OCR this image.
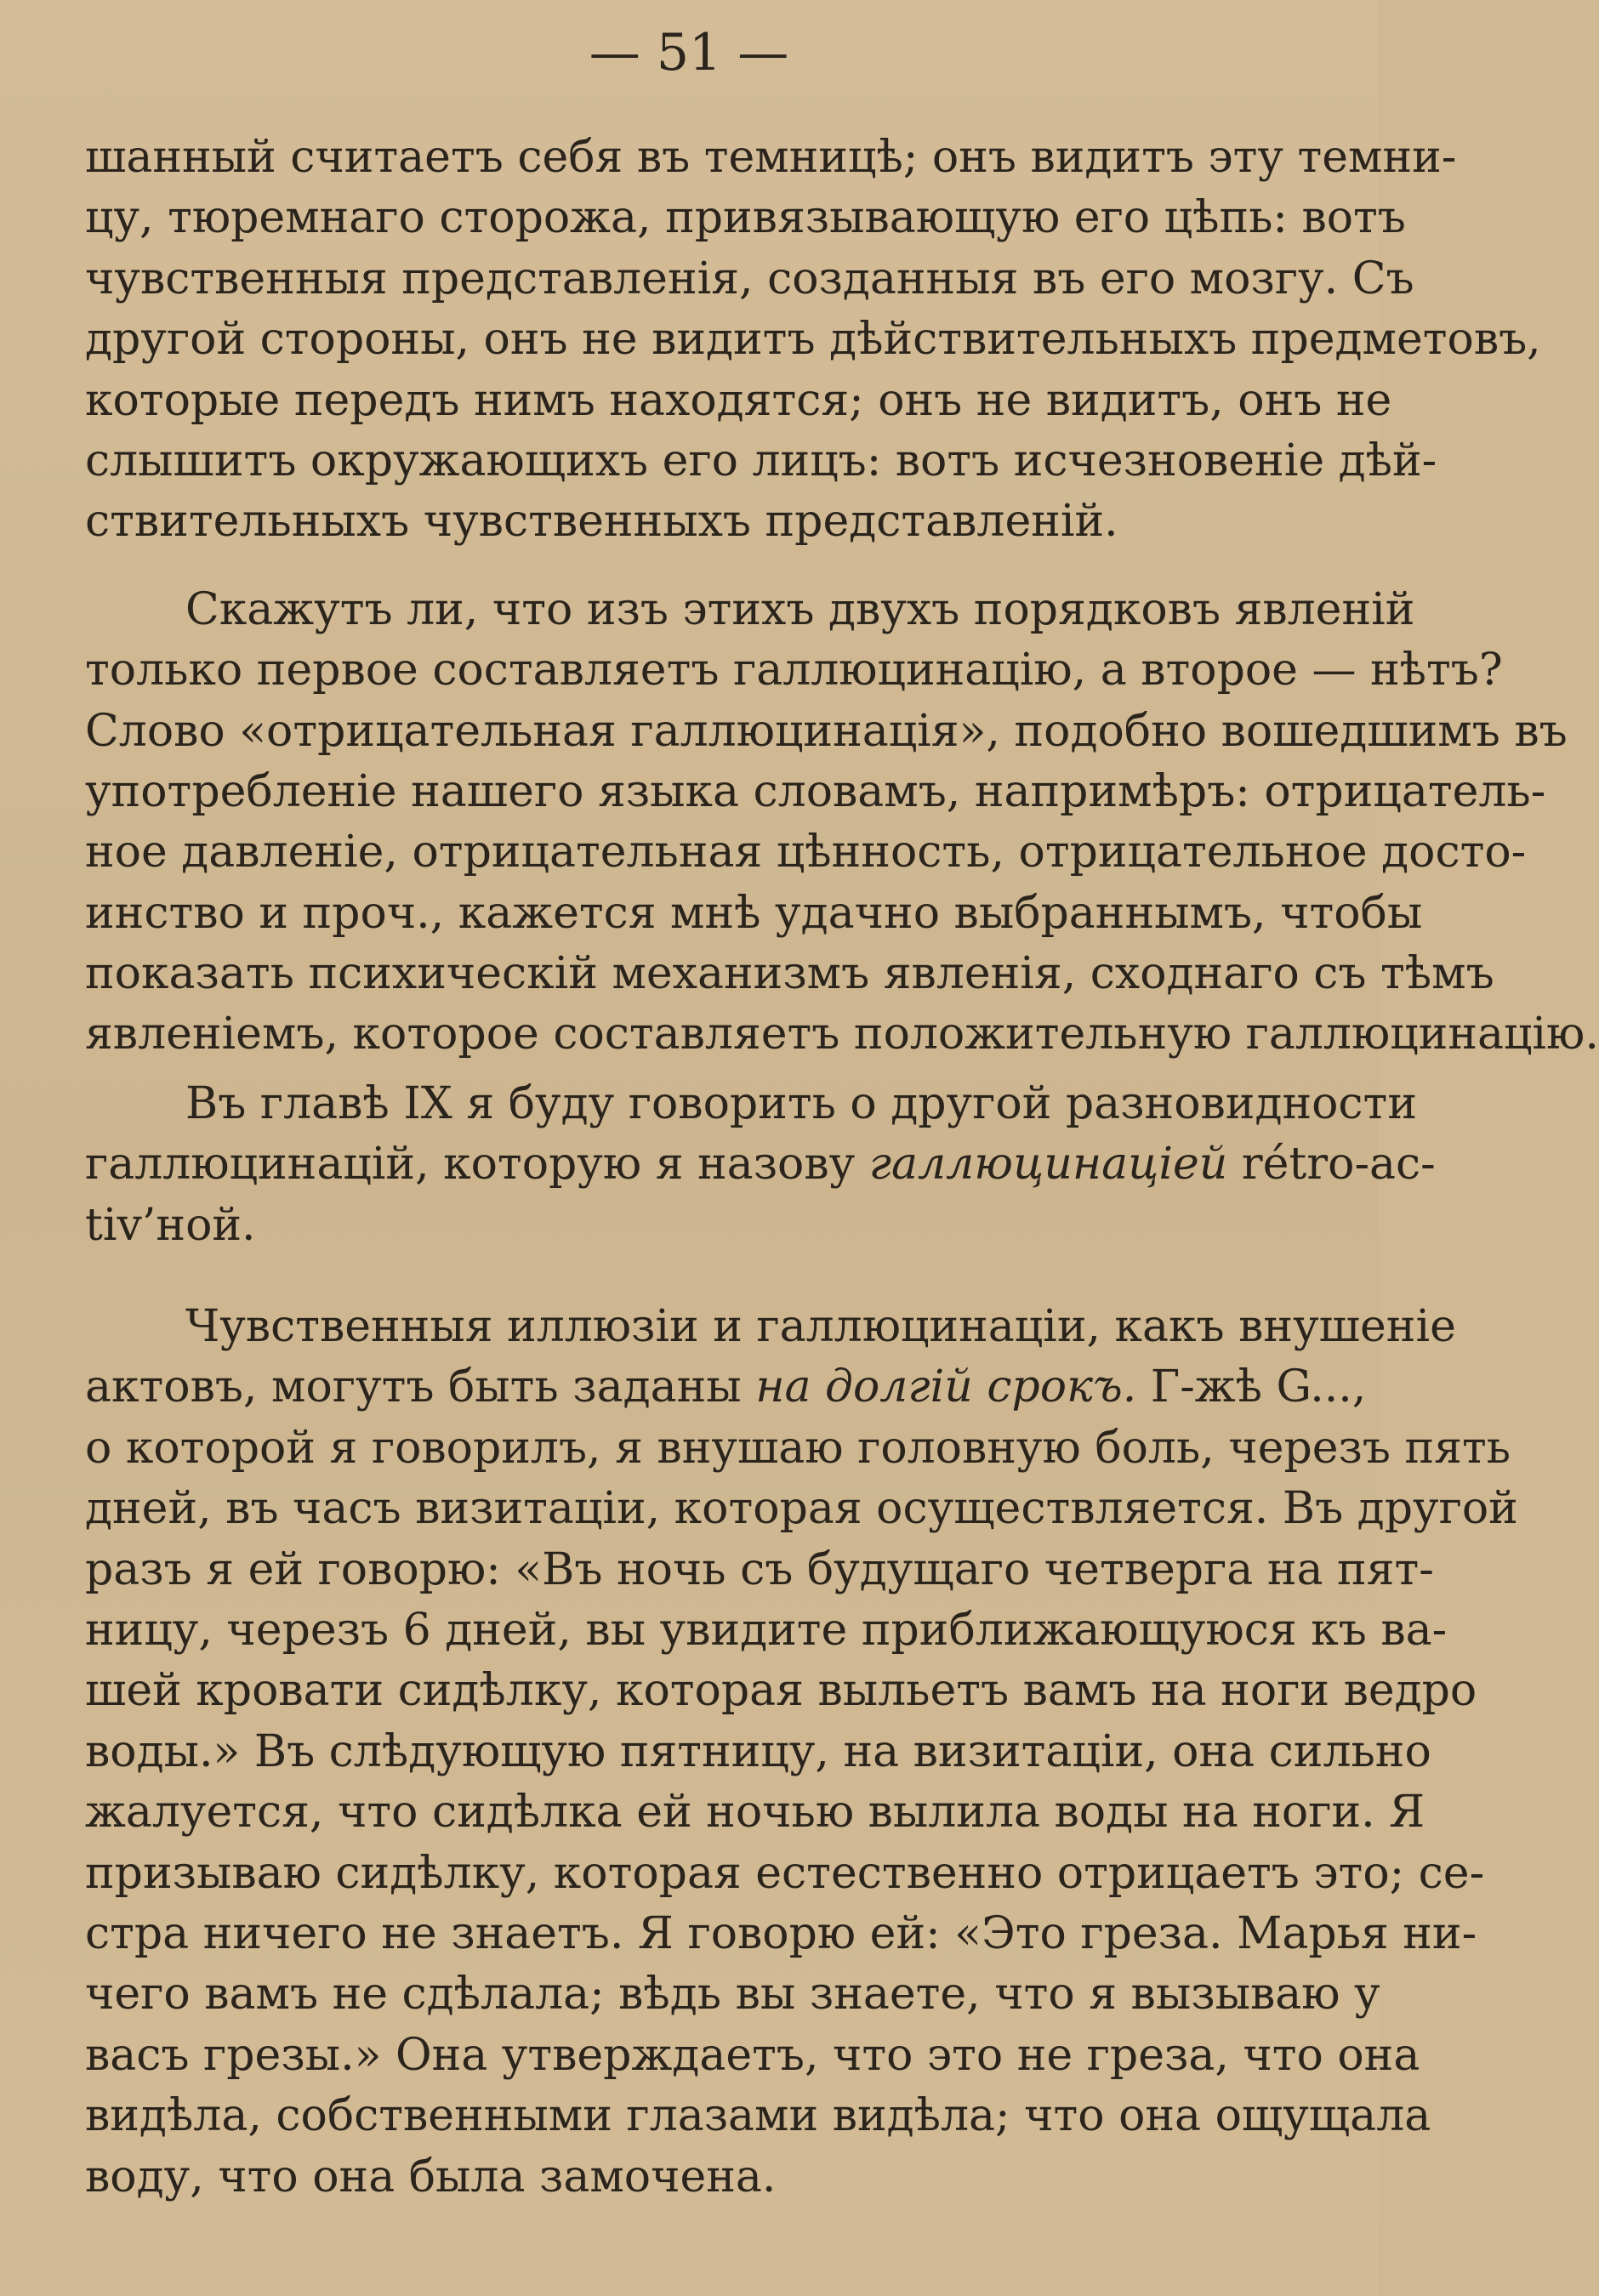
— 51 —
шанный считаетъ себя въ темницѣ; онъ видитъ эту темни-
цу, тюремнаго сторожа, привязывающую его цѣпь: вотъ
чувственныя представленія, созданныя въ его мозгу. Съ
другой стороны, онъ не видитъ дѣйствительныхъ предметовъ,
которые передъ нимъ находятся; онъ не видитъ, онъ не
слышитъ окружающихъ его лицъ: вотъ исчезновеніе дѣй-
ствительныхъ чувственныхъ представленій.
Скажутъ ли, что изъ этихъ двухъ порядковъ явленій
только первое составляетъ галлюцинацію, а второе — нѣтъ?
Слово «отрицательная галлюцинація», подобно вошедшимъ въ
употребленіе нашего языка словамъ, напримѣръ: отрицатель-
ное давленіе, отрицательная цѣнность, отрицательное досто-
инство и проч., кажется мнѣ удачно выбраннымъ, чтобы
показать психическій механизмъ явленія, сходнаго съ тѣмъ
явленіемъ, которое составляетъ положительную галлюцинацію.
Въ главѣ IX я буду говорить о другой разновидности
галлюцинацій, которую я назову галлюцинаціей rétro-ac-
tiv’ной.
Чувственныя иллюзіи и галлюцинаціи, какъ внушеніе
актовъ, могутъ быть заданы на долгій срокъ. Г-жѣ G...,
о которой я говорилъ, я внушаю головную боль, черезъ пять
дней, въ часъ визитаціи, которая осуществляется. Въ другой
разъ я ей говорю: «Въ ночь съ будущаго четверга на пят-
ницу, черезъ 6 дней, вы увидите приближающуюся къ ва-
шей кровати сидѣлку, которая выльетъ вамъ на ноги ведро
воды.» Въ слѣдующую пятницу, на визитаціи, она сильно
жалуется, что сидѣлка ей ночью вылила воды на ноги. Я
призываю сидѣлку, которая естественно отрицаетъ это; се-
стра ничего не знаетъ. Я говорю ей: «Это греза. Марья ни-
чего вамъ не сдѣлала; вѣдь вы знаете, что я вызываю у
васъ грезы.» Она утверждаетъ, что это не греза, что она
видѣла, собственными глазами видѣла; что она ощущала
воду, что она была замочена.
